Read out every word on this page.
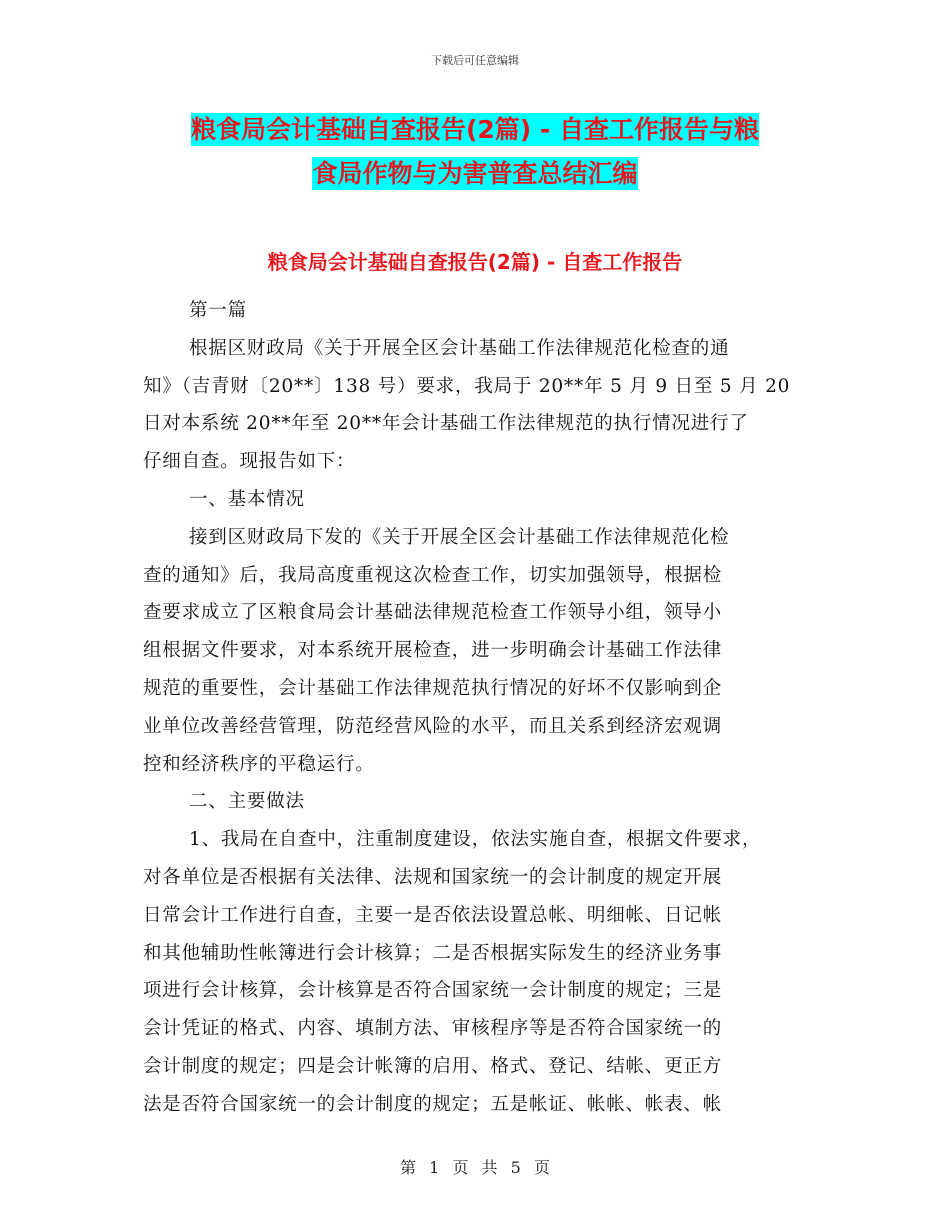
下载后可任意编辑
粮食局会计基础自查报告(2篇) - 自查工作报告与粮
食局作物与为害普查总结汇编
粮食局会计基础自查报告(2篇) - 自查工作报告
第一篇
根据区财政局《关于开展全区会计基础工作法律规范化检查的通
知》（吉青财〔20**〕138 号）要求，我局于 20**年 5 月 9 日至 5 月 20
日对本系统 20**年至 20**年会计基础工作法律规范的执行情况进行了
仔细自查。现报告如下：
一、基本情况
接到区财政局下发的《关于开展全区会计基础工作法律规范化检
查的通知》后，我局高度重视这次检查工作，切实加强领导，根据检
查要求成立了区粮食局会计基础法律规范检查工作领导小组，领导小
组根据文件要求，对本系统开展检查，进一步明确会计基础工作法律
规范的重要性，会计基础工作法律规范执行情况的好坏不仅影响到企
业单位改善经营管理，防范经营风险的水平，而且关系到经济宏观调
控和经济秩序的平稳运行。
二、主要做法
1、我局在自查中，注重制度建设，依法实施自查，根据文件要求，
对各单位是否根据有关法律、法规和国家统一的会计制度的规定开展
日常会计工作进行自查，主要一是否依法设置总帐、明细帐、日记帐
和其他辅助性帐簿进行会计核算；二是否根据实际发生的经济业务事
项进行会计核算，会计核算是否符合国家统一会计制度的规定；三是
会计凭证的格式、内容、填制方法、审核程序等是否符合国家统一的
会计制度的规定；四是会计帐簿的启用、格式、登记、结帐、更正方
法是否符合国家统一的会计制度的规定；五是帐证、帐帐、帐表、帐
第 1 页 共 5 页
